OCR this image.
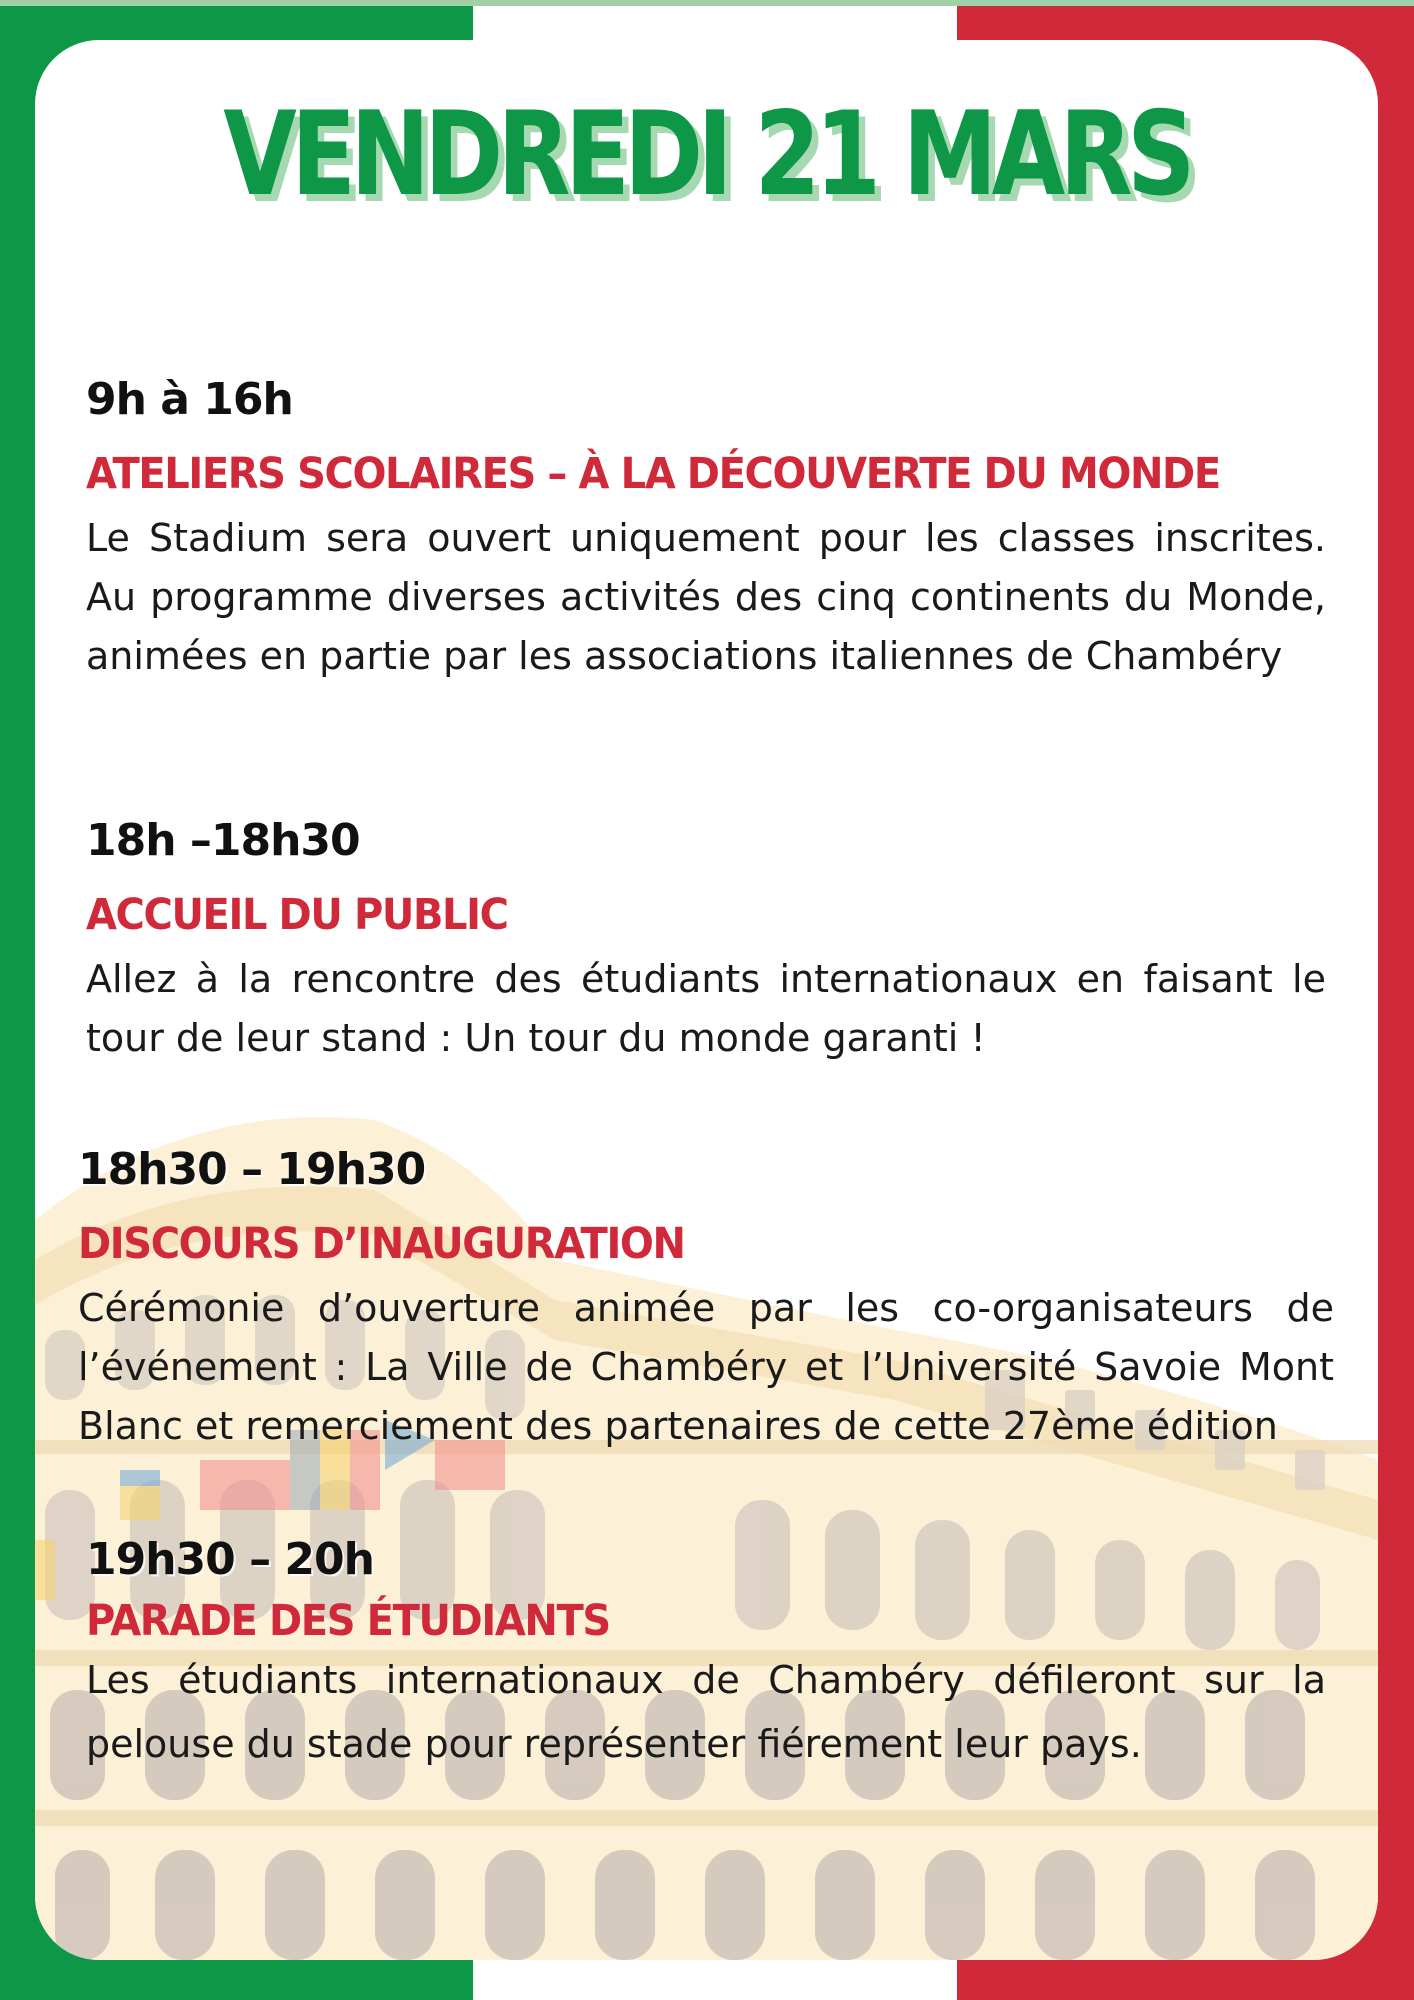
VENDREDI 21 MARS
9h à 16h
ATELIERS SCOLAIRES – À LA DÉCOUVERTE DU MONDE
Le Stadium sera ouvert uniquement pour les classes inscrites. Au programme diverses activités des cinq continents du Monde, animées en partie par les associations italiennes de Chambéry
18h –18h30
ACCUEIL DU PUBLIC
Allez à la rencontre des étudiants internationaux en faisant le tour de leur stand : Un tour du monde garanti !
18h30 – 19h30
DISCOURS D’INAUGURATION
Cérémonie d’ouverture animée par les co-organisateurs de l’événement : La Ville de Chambéry et l’Université Savoie Mont Blanc et remerciement des partenaires de cette 27ème édition
19h30 – 20h
PARADE DES ÉTUDIANTS
Les étudiants internationaux de Chambéry défileront sur la pelouse du stade pour représenter fiérement leur pays.
